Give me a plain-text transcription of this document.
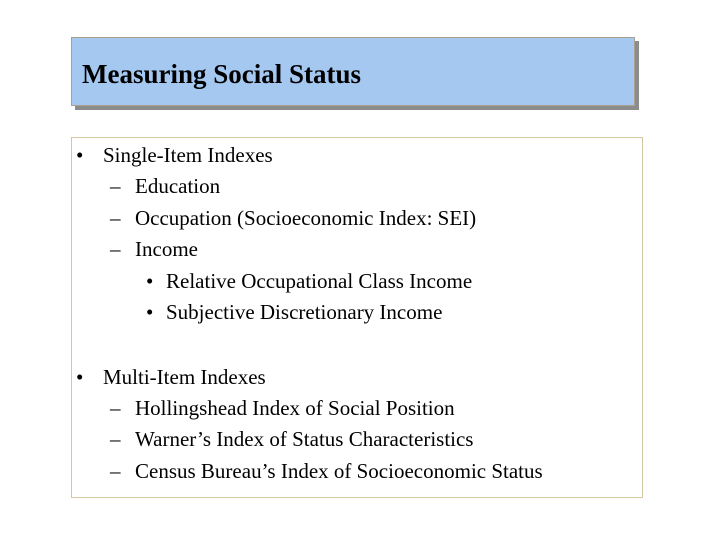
Measuring Social Status
• Single-Item Indexes
– Education
– Occupation (Socioeconomic Index: SEI)
– Income
• Relative Occupational Class Income
• Subjective Discretionary Income
• Multi-Item Indexes
– Hollingshead Index of Social Position
– Warner’s Index of Status Characteristics
– Census Bureau’s Index of Socioeconomic Status
